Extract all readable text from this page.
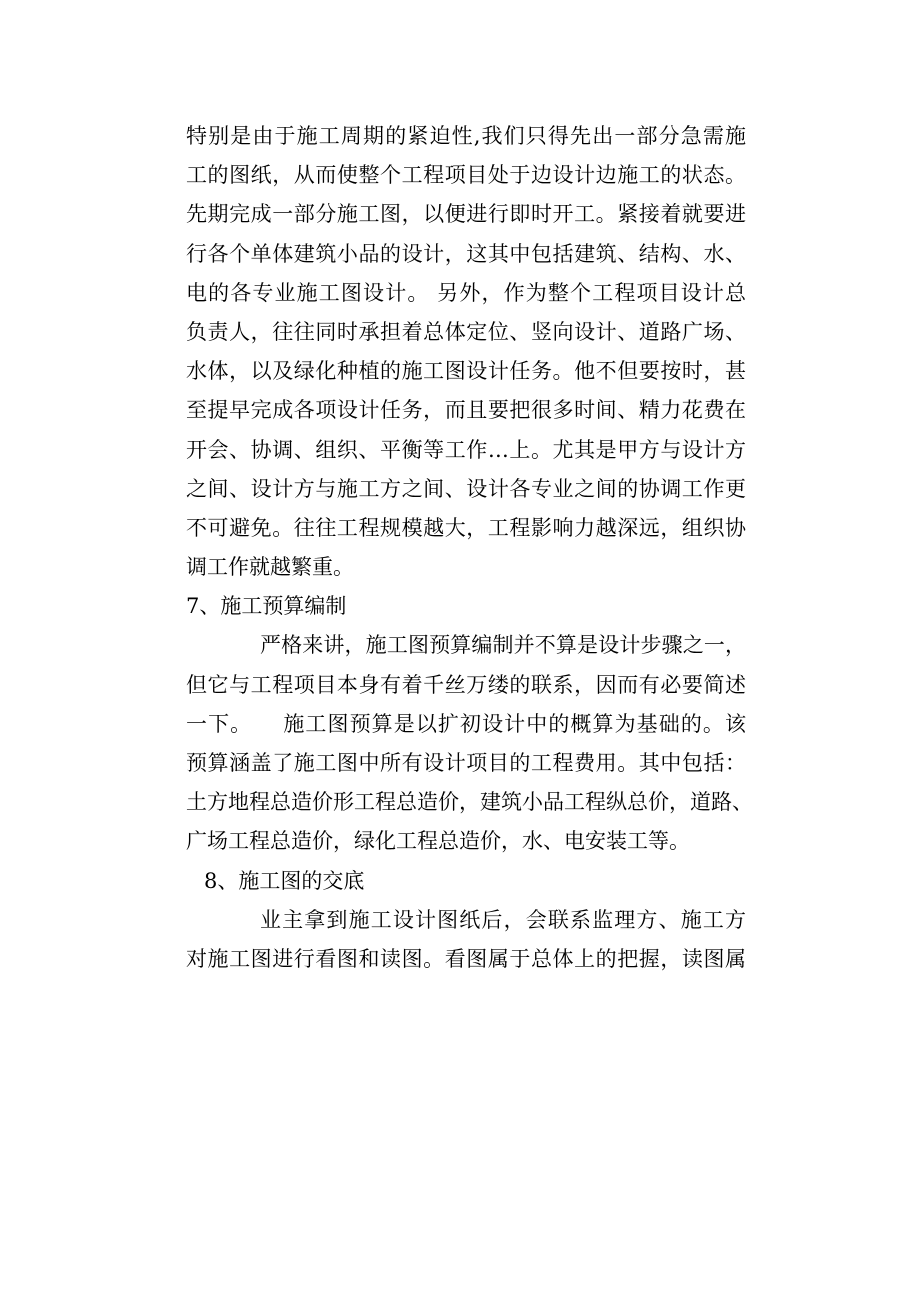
特别是由于施工周期的紧迫性,我们只得先出一部分急需施
工的图纸，从而使整个工程项目处于边设计边施工的状态。
先期完成一部分施工图，以便进行即时开工。紧接着就要进
行各个单体建筑小品的设计，这其中包括建筑、结构、水、
电的各专业施工图设计。 另外，作为整个工程项目设计总
负责人，往往同时承担着总体定位、竖向设计、道路广场、
水体，以及绿化种植的施工图设计任务。他不但要按时，甚
至提早完成各项设计任务，而且要把很多时间、精力花费在
开会、协调、组织、平衡等工作…上。尤其是甲方与设计方
之间、设计方与施工方之间、设计各专业之间的协调工作更
不可避免。往往工程规模越大，工程影响力越深远，组织协
调工作就越繁重。
7、施工预算编制
严格来讲，施工图预算编制并不算是设计步骤之一，
但它与工程项目本身有着千丝万缕的联系，因而有必要简述
一下。 施工图预算是以扩初设计中的概算为基础的。该
预算涵盖了施工图中所有设计项目的工程费用。其中包括：
土方地程总造价形工程总造价，建筑小品工程纵总价，道路、
广场工程总造价，绿化工程总造价，水、电安装工等。
8、施工图的交底
业主拿到施工设计图纸后，会联系监理方、施工方
对施工图进行看图和读图。看图属于总体上的把握，读图属
